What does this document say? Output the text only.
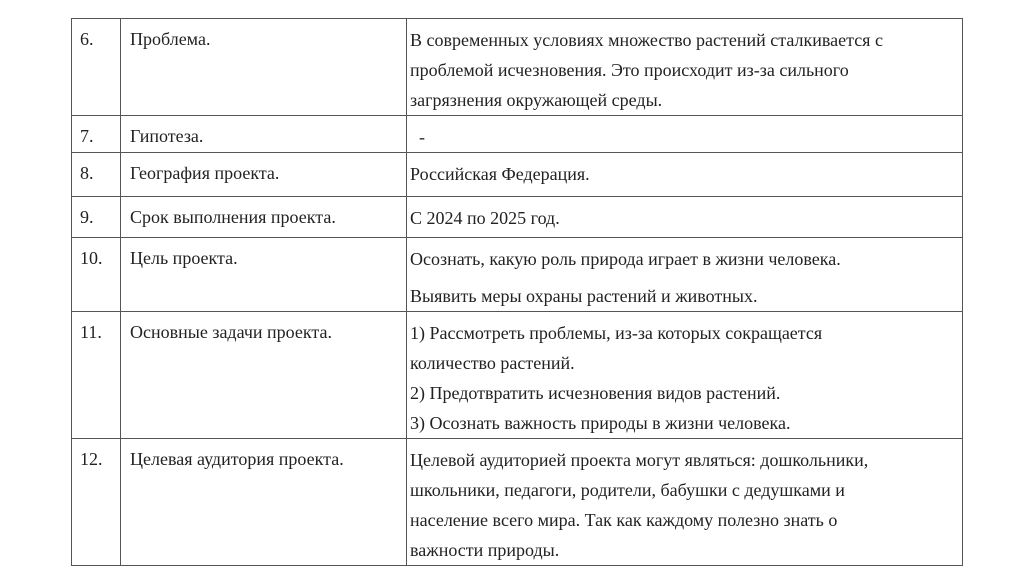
6.	Проблема.	В современных условиях множество растений сталкивается с
проблемой исчезновения. Это происходит из-за сильного
загрязнения окружающей среды.

7.	Гипотеза.	-

8.	География проекта.	Российская Федерация.

9.	Срок выполнения проекта.	С 2024 по 2025 год.

10.	Цель проекта.	Осознать, какую роль природа играет в жизни человека.
Выявить меры охраны растений и животных.

11.	Основные задачи проекта.	1) Рассмотреть проблемы, из-за которых сокращается
количество растений.
2) Предотвратить исчезновения видов растений.
3) Осознать важность природы в жизни человека.

12.	Целевая аудитория проекта.	Целевой аудиторией проекта могут являться: дошкольники,
школьники, педагоги, родители, бабушки с дедушками и
население всего мира. Так как каждому полезно знать о
важности природы.
